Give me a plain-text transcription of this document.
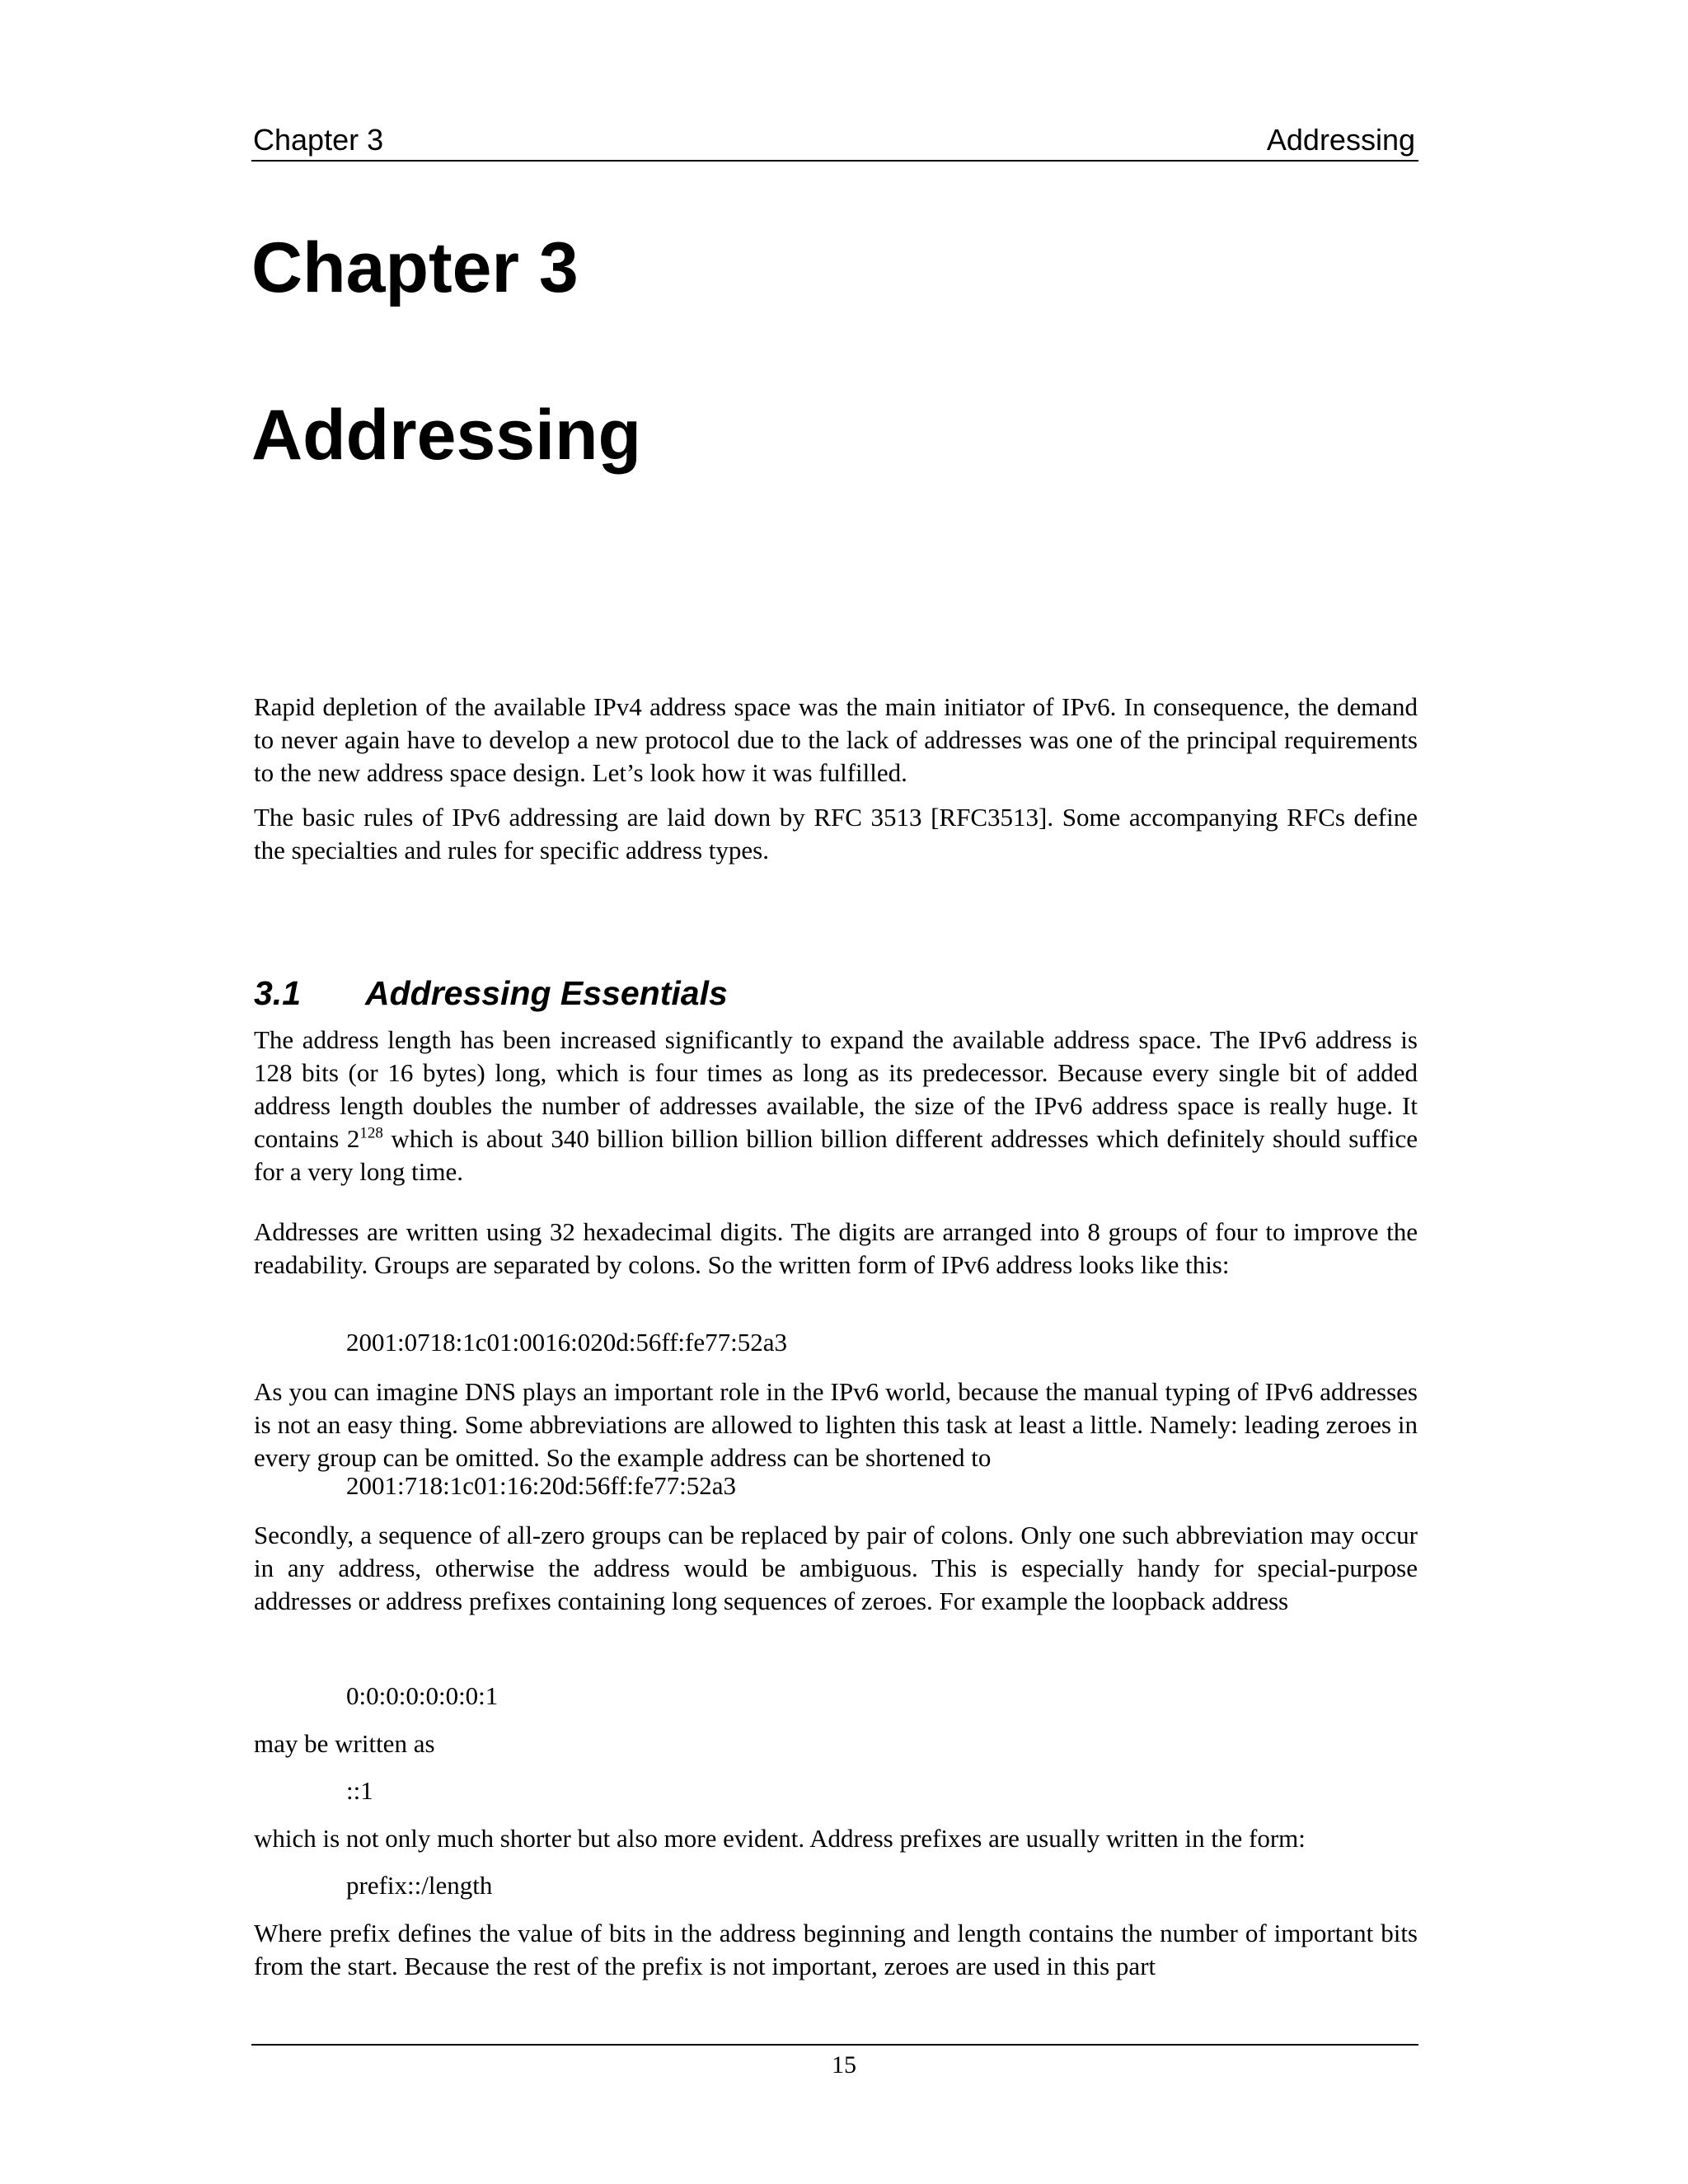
Chapter 3	Addressing
Chapter 3
Addressing

Rapid depletion of the available IPv4 address space was the main initiator of IPv6. In consequence, the demand to never again have to develop a new protocol due to the lack of addresses was one of the principal requirements to the new address space design. Let’s look how it was fulfilled.

The basic rules of IPv6 addressing are laid down by RFC 3513 [RFC3513]. Some accompanying RFCs define the specialties and rules for specific address types.

3.1 Addressing Essentials

The address length has been increased significantly to expand the available address space. The IPv6 address is 128 bits (or 16 bytes) long, which is four times as long as its predecessor. Because every single bit of added address length doubles the number of addresses available, the size of the IPv6 address space is really huge. It contains $2^{128}$ which is about 340 billion billion billion billion different addresses which definitely should suffice for a very long time.

Addresses are written using 32 hexadecimal digits. The digits are arranged into 8 groups of four to improve the readability. Groups are separated by colons. So the written form of IPv6 address looks like this:

2001:0718:1c01:0016:020d:56ff:fe77:52a3

As you can imagine DNS plays an important role in the IPv6 world, because the manual typing of IPv6 addresses is not an easy thing. Some abbreviations are allowed to lighten this task at least a little. Namely: leading zeroes in every group can be omitted. So the example address can be shortened to

2001:718:1c01:16:20d:56ff:fe77:52a3

Secondly, a sequence of all-zero groups can be replaced by pair of colons. Only one such abbreviation may occur in any address, otherwise the address would be ambiguous. This is especially handy for special-purpose addresses or address prefixes containing long sequences of zeroes. For example the loopback address

0:0:0:0:0:0:0:1

may be written as

::1

which is not only much shorter but also more evident. Address prefixes are usually written in the form:

prefix::/length

Where prefix defines the value of bits in the address beginning and length contains the number of important bits from the start. Because the rest of the prefix is not important, zeroes are used in this part

15
